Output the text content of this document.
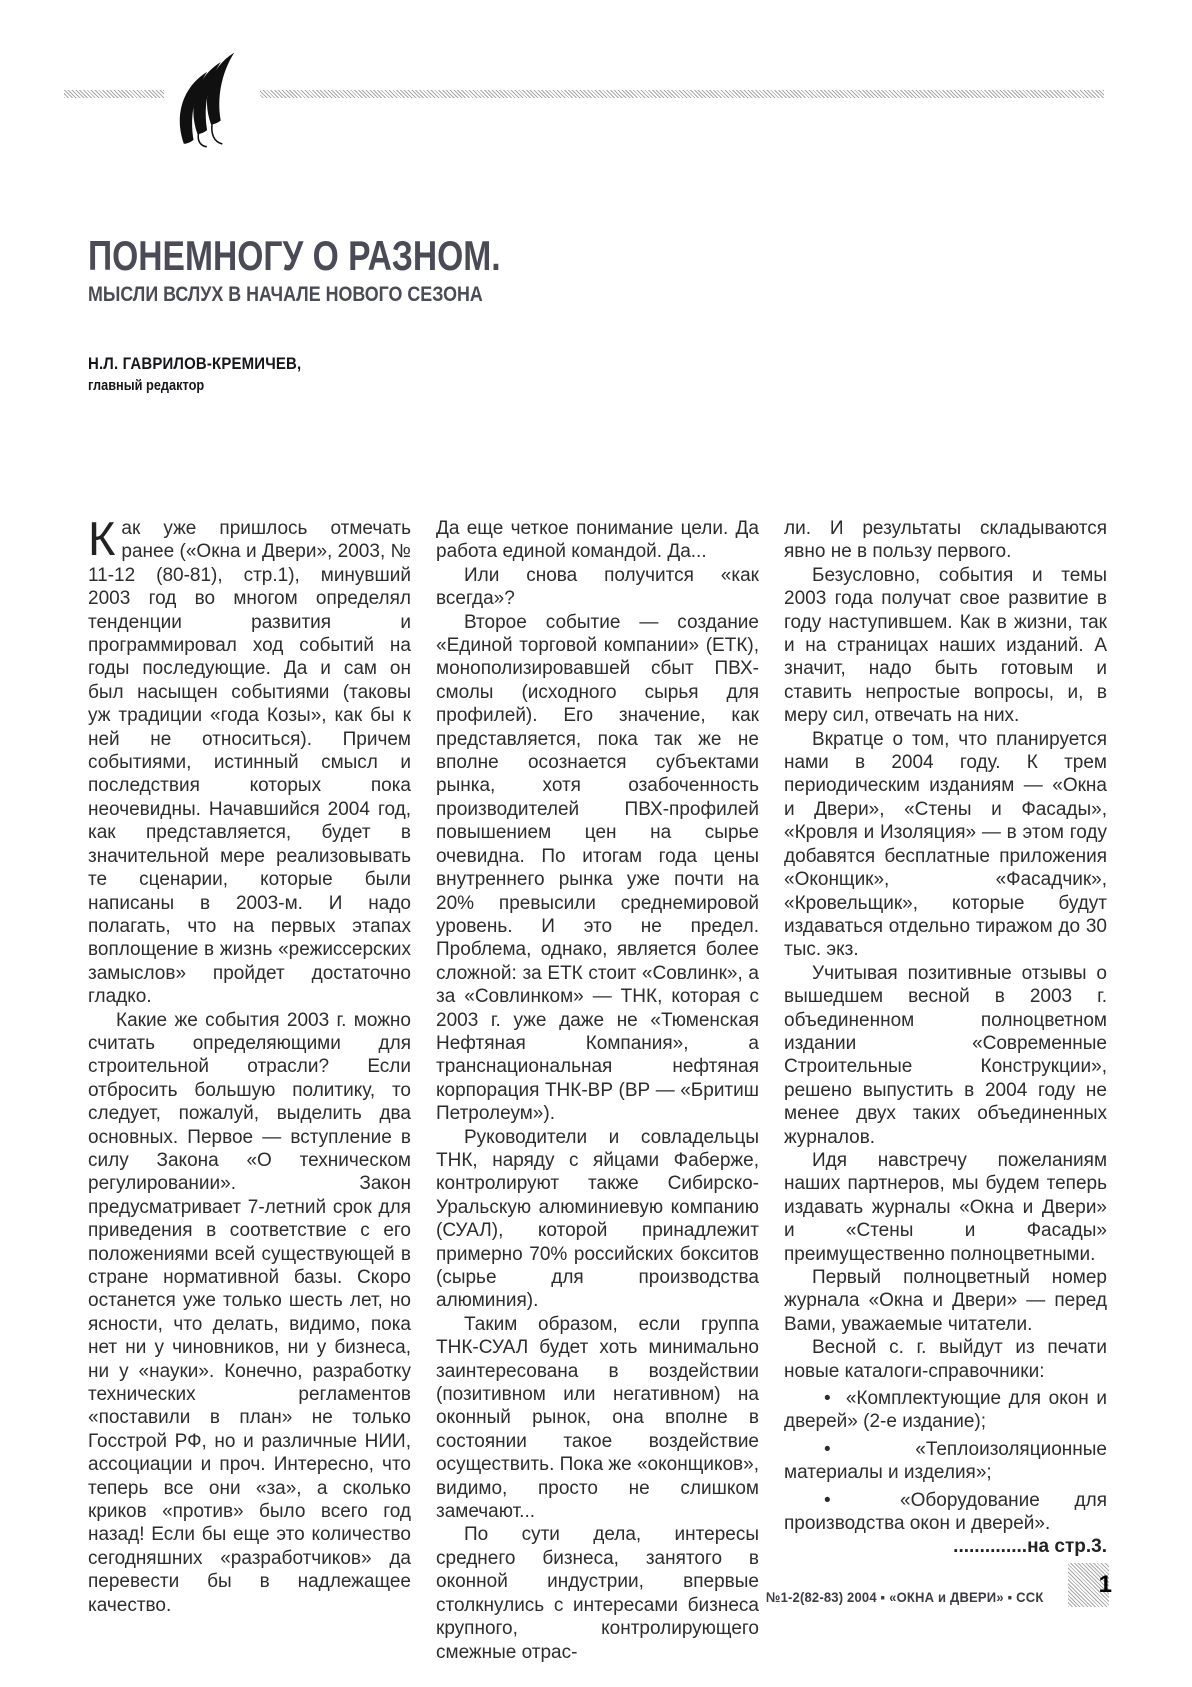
ПОНЕМНОГУ О РАЗНОМ.
МЫСЛИ ВСЛУХ В НАЧАЛЕ НОВОГО СЕЗОНА
Н.Л. ГАВРИЛОВ-КРЕМИЧЕВ,
главный редактор

Как уже пришлось отмечать ранее («Окна и Двери», 2003, № 11-12 (80-81), стр.1), минувший 2003 год во многом определял тенденции развития и программировал ход событий на годы последующие. Да и сам он был насыщен событиями (таковы уж традиции «года Козы», как бы к ней не относиться). Причем событиями, истинный смысл и последствия которых пока неочевидны. Начавшийся 2004 год, как представляется, будет в значительной мере реализовывать те сценарии, которые были написаны в 2003-м. И надо полагать, что на первых этапах воплощение в жизнь «режиссерских замыслов» пройдет достаточно гладко.

Какие же события 2003 г. можно считать определяющими для строительной отрасли? Если отбросить большую политику, то следует, пожалуй, выделить два основных. Первое — вступление в силу Закона «О техническом регулировании». Закон предусматривает 7-летний срок для приведения в соответствие с его положениями всей существующей в стране нормативной базы. Скоро останется уже только шесть лет, но ясности, что делать, видимо, пока нет ни у чиновников, ни у бизнеса, ни у «науки». Конечно, разработку технических регламентов «поставили в план» не только Госстрой РФ, но и различные НИИ, ассоциации и проч. Интересно, что теперь все они «за», а сколько криков «против» было всего год назад! Если бы еще это количество сегодняшних «разработчиков» да перевести бы в надлежащее качество.

Да еще четкое понимание цели. Да работа единой командой. Да...

Или снова получится «как всегда»?

Второе событие — создание «Единой торговой компании» (ЕТК), монополизировавшей сбыт ПВХ-смолы (исходного сырья для профилей). Его значение, как представляется, пока так же не вполне осознается субъектами рынка, хотя озабоченность производителей ПВХ-профилей повышением цен на сырье очевидна. По итогам года цены внутреннего рынка уже почти на 20% превысили среднемировой уровень. И это не предел. Проблема, однако, является более сложной: за ЕТК стоит «Совлинк», а за «Совлинком» — ТНК, которая с 2003 г. уже даже не «Тюменская Нефтяная Компания», а транснациональная нефтяная корпорация ТНК-ВР (ВР — «Бритиш Петролеум»).

Руководители и совладельцы ТНК, наряду с яйцами Фаберже, контролируют также Сибирско-Уральскую алюминиевую компанию (СУАЛ), которой принадлежит примерно 70% российских бокситов (сырье для производства алюминия).

Таким образом, если группа ТНК-СУАЛ будет хоть минимально заинтересована в воздействии (позитивном или негативном) на оконный рынок, она вполне в состоянии такое воздействие осуществить. Пока же «оконщиков», видимо, просто не слишком замечают...

По сути дела, интересы среднего бизнеса, занятого в оконной индустрии, впервые столкнулись с интересами бизнеса крупного, контролирующего смежные отрас-

ли. И результаты складываются явно не в пользу первого.

Безусловно, события и темы 2003 года получат свое развитие в году наступившем. Как в жизни, так и на страницах наших изданий. А значит, надо быть готовым и ставить непростые вопросы, и, в меру сил, отвечать на них.

Вкратце о том, что планируется нами в 2004 году. К трем периодическим изданиям — «Окна и Двери», «Стены и Фасады», «Кровля и Изоляция» — в этом году добавятся бесплатные приложения «Оконщик», «Фасадчик», «Кровельщик», которые будут издаваться отдельно тиражом до 30 тыс. экз.

Учитывая позитивные отзывы о вышедшем весной в 2003 г. объединенном полноцветном издании «Современные Строительные Конструкции», решено выпустить в 2004 году не менее двух таких объединенных журналов.

Идя навстречу пожеланиям наших партнеров, мы будем теперь издавать журналы «Окна и Двери» и «Стены и Фасады» преимущественно полноцветными.

Первый полноцветный номер журнала «Окна и Двери» — перед Вами, уважаемые читатели.

Весной с. г. выйдут из печати новые каталоги-справочники:

•  «Комплектующие для окон и дверей» (2-е издание);

•  «Теплоизоляционные материалы и изделия»;

•  «Оборудование для производства окон и дверей».

..............на стр.3.

№1-2(82-83) 2004 ▪ «ОКНА и ДВЕРИ» ▪ ССК 1
